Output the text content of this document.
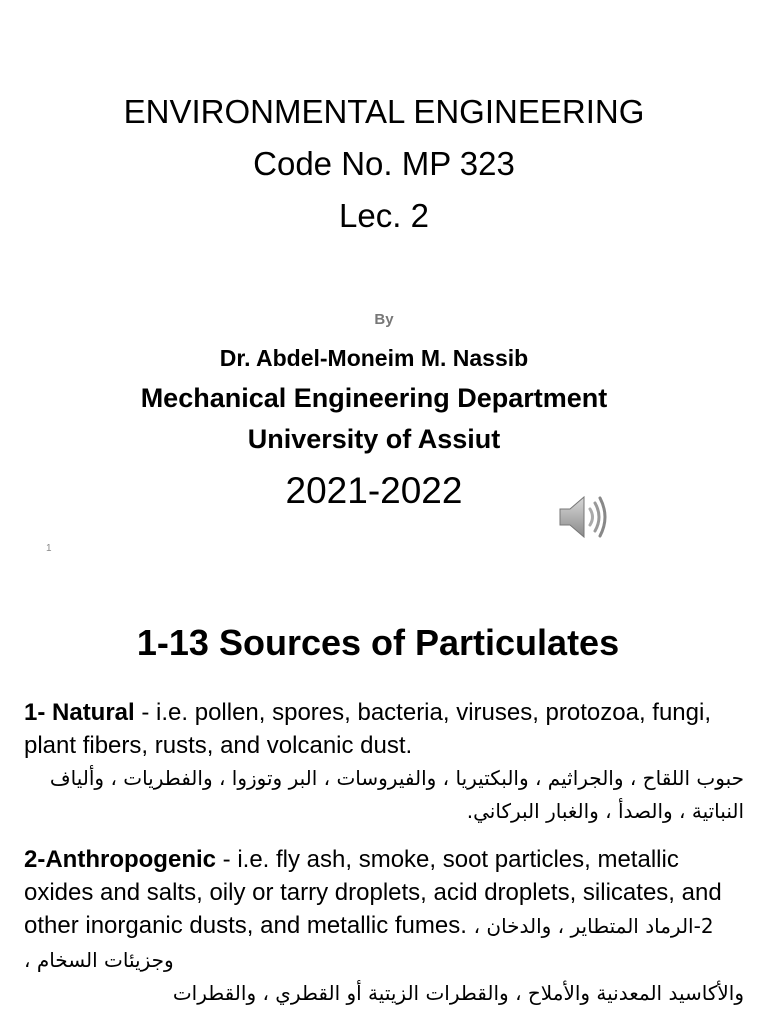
ENVIRONMENTAL ENGINEERING
Code No. MP 323
Lec. 2
By
Dr. Abdel-Moneim M. Nassib
Mechanical Engineering Department
University of Assiut
2021-2022
1
1-13 Sources of Particulates
1- Natural - i.e. pollen, spores, bacteria, viruses, protozoa, fungi, plant fibers, rusts, and volcanic dust.
حبوب اللقاح ، والجراثيم ، والبكتيريا ، والفيروسات ، البر وتوزوا ، والفطريات ، وألياف النباتية ، والصدأ ، والغبار البركاني.
2-Anthropogenic - i.e. fly ash, smoke, soot particles, metallic oxides and salts, oily or tarry droplets, acid droplets, silicates, and other inorganic dusts, and metallic fumes. 2-الرماد المتطاير ، والدخان ، وجزيئات السخام ،
والأكاسيد المعدنية والأملاح ، والقطرات الزيتية أو القطري ، والقطرات
